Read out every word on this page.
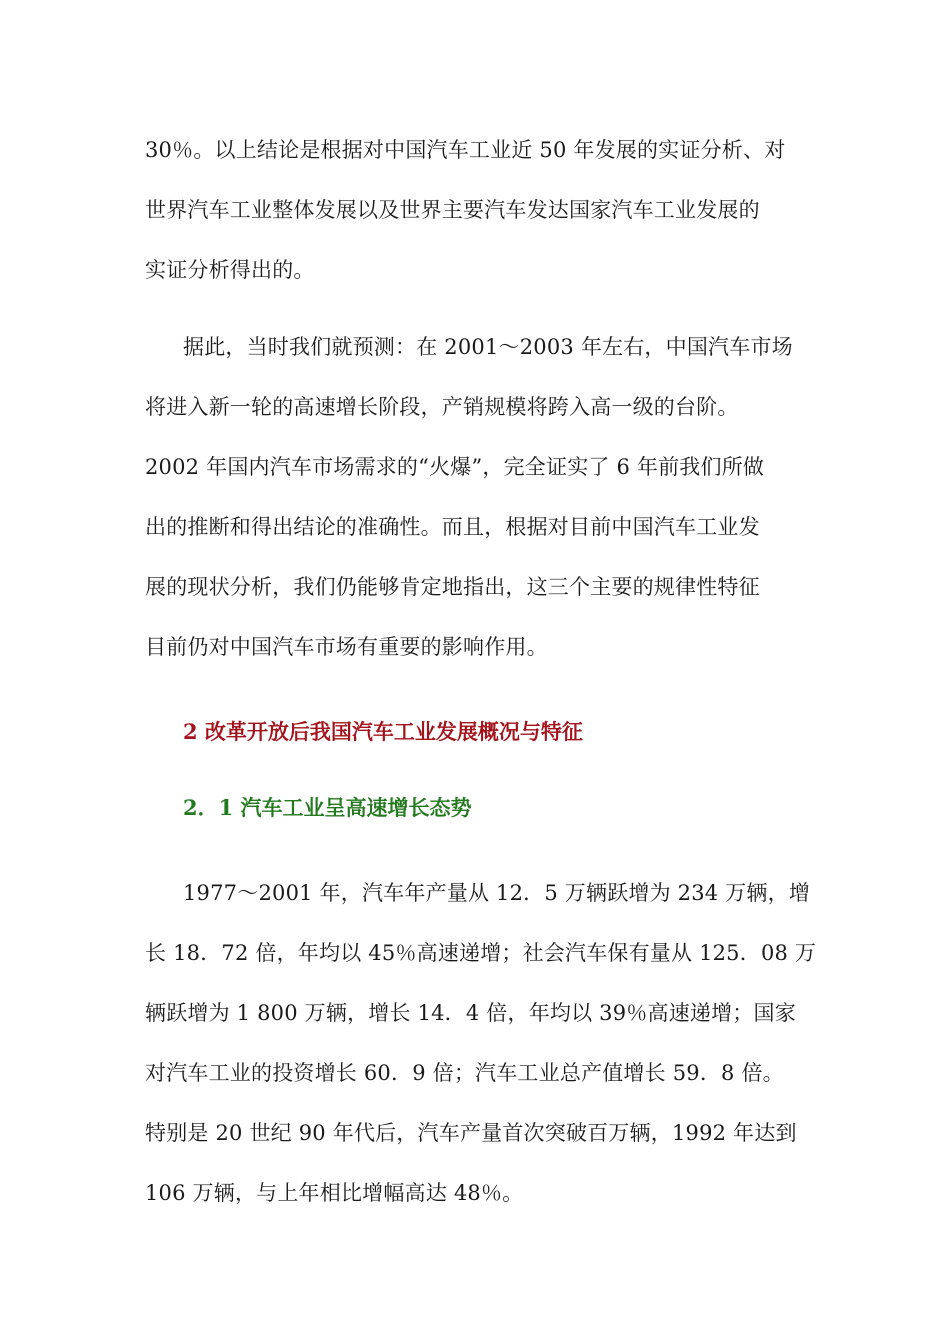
30％。以上结论是根据对中国汽车工业近 50 年发展的实证分析、对
世界汽车工业整体发展以及世界主要汽车发达国家汽车工业发展的
实证分析得出的。
据此，当时我们就预测：在 2001～2003 年左右，中国汽车市场
将进入新一轮的高速增长阶段，产销规模将跨入高一级的台阶。
2002 年国内汽车市场需求的“火爆”，完全证实了 6 年前我们所做
出的推断和得出结论的准确性。而且，根据对目前中国汽车工业发
展的现状分析，我们仍能够肯定地指出，这三个主要的规律性特征
目前仍对中国汽车市场有重要的影响作用。
2 改革开放后我国汽车工业发展概况与特征
2．1 汽车工业呈高速增长态势
1977～2001 年，汽车年产量从 12．5 万辆跃增为 234 万辆，增
长 18．72 倍，年均以 45％高速递增；社会汽车保有量从 125．08 万
辆跃增为 1 800 万辆，增长 14．4 倍，年均以 39％高速递增；国家
对汽车工业的投资增长 60．9 倍；汽车工业总产值增长 59．8 倍。
特别是 20 世纪 90 年代后，汽车产量首次突破百万辆，1992 年达到
106 万辆，与上年相比增幅高达 48％。
